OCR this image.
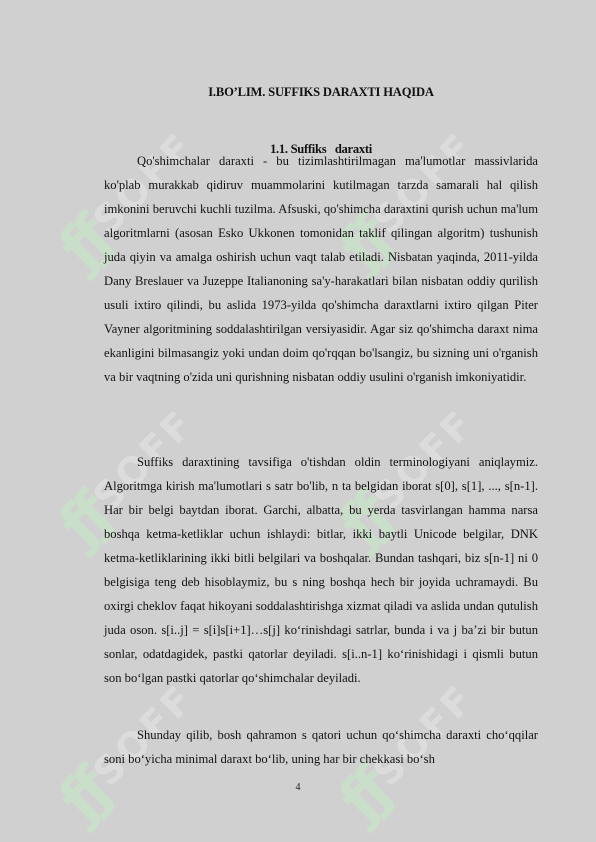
ƒƒ
SOFF
ƒƒ
SOFF
ƒƒ
SOFF
ƒƒ
SOFF
ƒƒ
SOFF
ƒƒ
SOFF
I.BO’LIM. SUFFIKS DARAXTI HAQIDA
1.1. Suffiks   daraxti

Qo'shimchalar daraxti - bu tizimlashtirilmagan ma'lumotlar massivlarida ko'plab murakkab qidiruv muammolarini kutilmagan tarzda samarali hal qilish imkonini beruvchi kuchli tuzilma. Afsuski, qo'shimcha daraxtini qurish uchun ma'lum algoritmlarni (asosan Esko Ukkonen tomonidan taklif qilingan algoritm) tushunish juda qiyin va amalga oshirish uchun vaqt talab etiladi. Nisbatan yaqinda, 2011-yilda Dany Breslauer va Juzeppe Italianoning sa'y-harakatlari bilan nisbatan oddiy qurilish usuli ixtiro qilindi, bu aslida 1973-yilda qo'shimcha daraxtlarni ixtiro qilgan Piter Vayner algoritmining soddalashtirilgan versiyasidir. Agar siz qo'shimcha daraxt nima ekanligini bilmasangiz yoki undan doim qo'rqqan bo'lsangiz, bu sizning uni o'rganish va bir vaqtning o'zida uni qurishning nisbatan oddiy usulini o'rganish imkoniyatidir.

Suffiks daraxtining tavsifiga o'tishdan oldin terminologiyani aniqlaymiz. Algoritmga kirish ma'lumotlari s satr bo'lib, n ta belgidan iborat s[0], s[1], ..., s[n-1]. Har bir belgi baytdan iborat. Garchi, albatta, bu yerda tasvirlangan hamma narsa boshqa ketma-ketliklar uchun ishlaydi: bitlar, ikki baytli Unicode belgilar, DNK ketma-ketliklarining ikki bitli belgilari va boshqalar. Bundan tashqari, biz s[n-1] ni 0 belgisiga teng deb hisoblaymiz, bu s ning boshqa hech bir joyida uchramaydi. Bu oxirgi cheklov faqat hikoyani soddalashtirishga xizmat qiladi va aslida undan qutulish juda oson. s[i..j] = s[i]s[i+1]…s[j] ko‘rinishdagi satrlar, bunda i va j ba’zi bir butun sonlar, odatdagidek, pastki qatorlar deyiladi. s[i..n-1] ko‘rinishidagi i qismli butun son bo‘lgan pastki qatorlar qo‘shimchalar deyiladi.

Shunday qilib, bosh qahramon s qatori uchun qo‘shimcha daraxti cho‘qqilar soni bo‘yicha minimal daraxt bo‘lib, uning har bir chekkasi bo‘sh

4
